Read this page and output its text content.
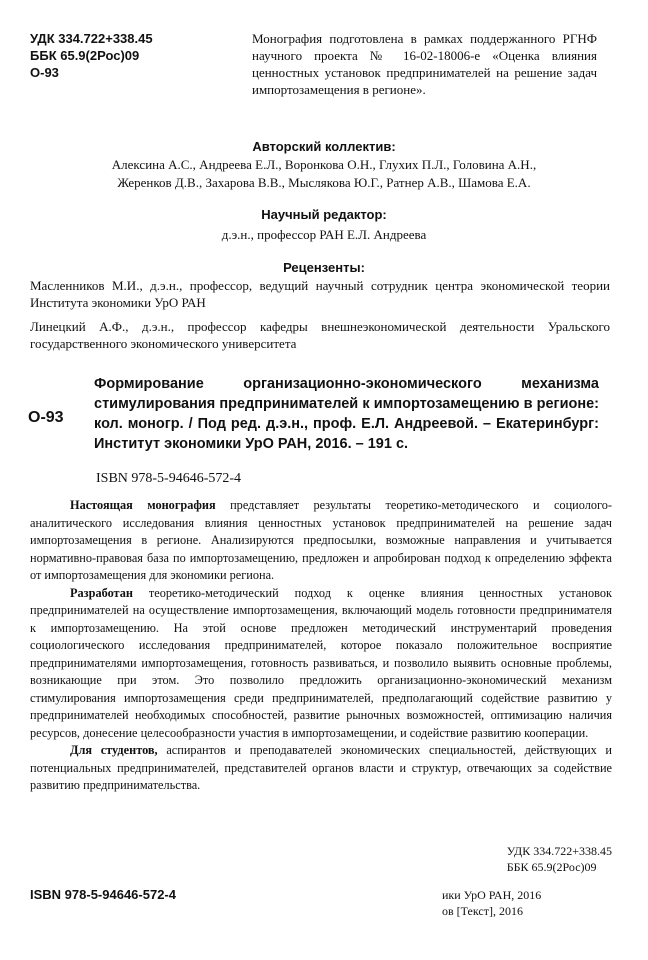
УДК 334.722+338.45
ББК 65.9(2Рос)09
О-93
Монография подготовлена в рамках поддержанного РГНФ научного проекта № 16-02-18006-е «Оценка влияния ценностных установок предпринимателей на решение задач импортозамещения в регионе».
Авторский коллектив:
Алексина А.С., Андреева Е.Л., Воронкова О.Н., Глухих П.Л., Головина А.Н.,
Жеренков Д.В., Захарова В.В., Мыслякова Ю.Г., Ратнер А.В., Шамова Е.А.
Научный редактор:
д.э.н., профессор РАН Е.Л. Андреева
Рецензенты:
Масленников М.И., д.э.н., профессор, ведущий научный сотрудник центра экономической теории Института экономики УрО РАН
Линецкий А.Ф., д.э.н., профессор кафедры внешнеэкономической деятельности Уральского государственного экономического университета
О-93
Формирование организационно-экономического механизма стимулирования предпринимателей к импортозамещению в регионе: кол. моногр. / Под ред. д.э.н., проф. Е.Л. Андреевой. – Екатеринбург: Институт экономики УрО РАН, 2016. – 191 с.
ISBN 978-5-94646-572-4

Настоящая монография представляет результаты теоретико-методического и социолого-аналитического исследования влияния ценностных установок предпринимателей на решение задач импортозамещения в регионе. Анализируются предпосылки, возможные направления и учитывается нормативно-правовая база по импортозамещению, предложен и апробирован подход к определению эффекта от импортозамещения для экономики региона.

Разработан теоретико-методический подход к оценке влияния ценностных установок предпринимателей на осуществление импортозамещения, включающий модель готовности предпринимателя к импортозамещению. На этой основе предложен методический инструментарий проведения социологического исследования предпринимателей, которое показало положительное восприятие предпринимателями импортозамещения, готовность развиваться, и позволило выявить основные проблемы, возникающие при этом. Это позволило предложить организационно-экономический механизм стимулирования импортозамещения среди предпринимателей, предполагающий содействие развитию у предпринимателей необходимых способностей, развитие рыночных возможностей, оптимизацию наличия ресурсов, донесение целесообразности участия в импортозамещении, и содействие развитию кооперации.

Для студентов, аспирантов и преподавателей экономических специальностей, действующих и потенциальных предпринимателей, представителей органов власти и структур, отвечающих за содействие развитию предпринимательства.

УДК 334.722+338.45
ББК 65.9(2Рос)09
ISBN 978-5-94646-572-4	ики УрО РАН, 2016
ов [Текст], 2016
